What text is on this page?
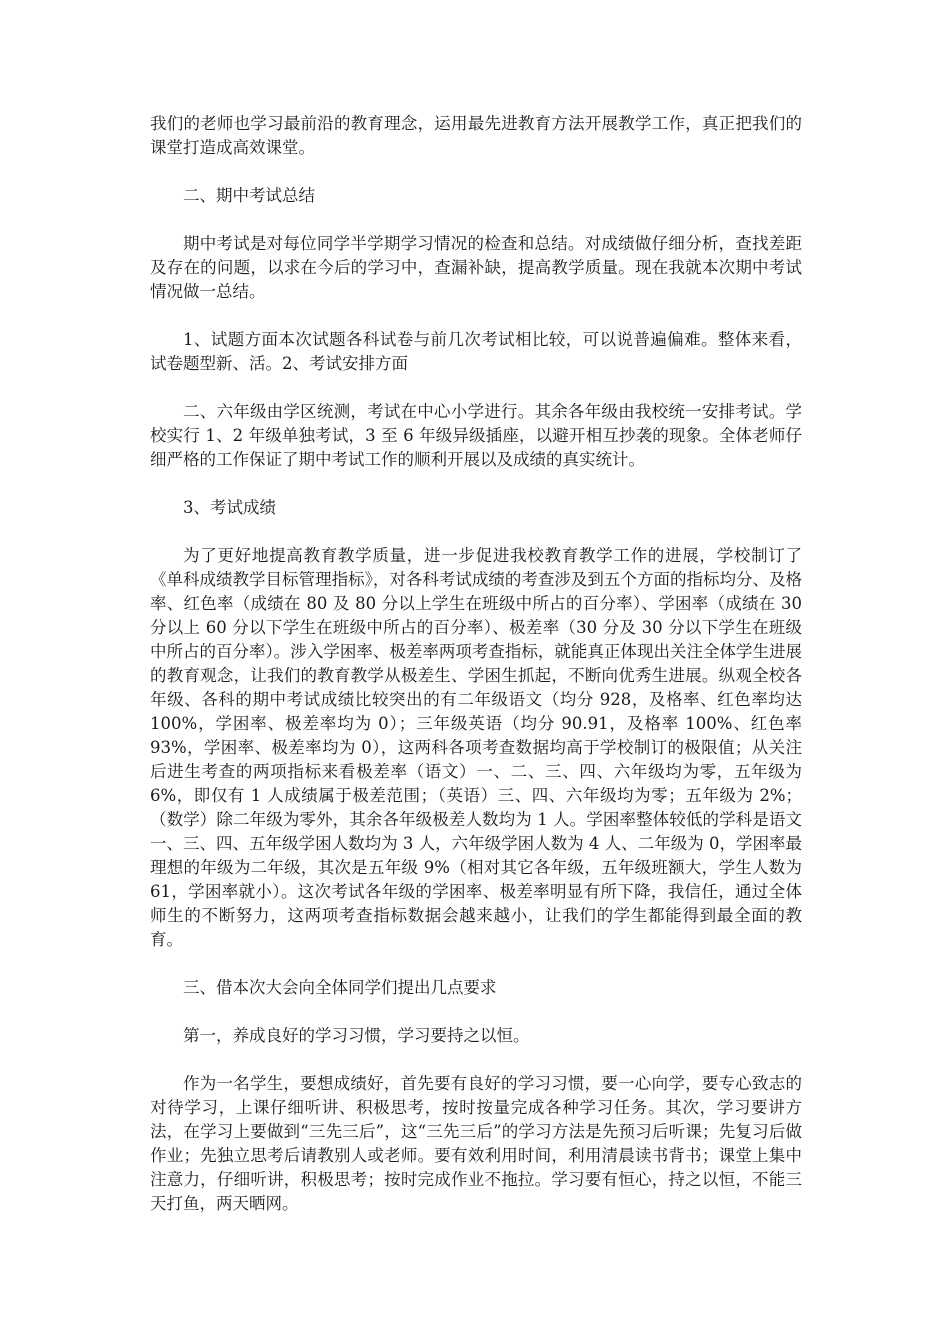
我们的老师也学习最前沿的教育理念，运用最先进教育方法开展教学工作，真正把我们的课堂打造成高效课堂。

二、期中考试总结

期中考试是对每位同学半学期学习情况的检查和总结。对成绩做仔细分析，查找差距及存在的问题，以求在今后的学习中，查漏补缺，提高教学质量。现在我就本次期中考试情况做一总结。

1、试题方面本次试题各科试卷与前几次考试相比较，可以说普遍偏难。整体来看，试卷题型新、活。2、考试安排方面

二、六年级由学区统测，考试在中心小学进行。其余各年级由我校统一安排考试。学校实行 1、2 年级单独考试，3 至 6 年级异级插座，以避开相互抄袭的现象。全体老师仔细严格的工作保证了期中考试工作的顺利开展以及成绩的真实统计。

3、考试成绩

为了更好地提高教育教学质量，进一步促进我校教育教学工作的进展，学校制订了《单科成绩教学目标管理指标》，对各科考试成绩的考查涉及到五个方面的指标均分、及格率、红色率（成绩在 80 及 80 分以上学生在班级中所占的百分率）、学困率（成绩在 30 分以上 60 分以下学生在班级中所占的百分率）、极差率（30 分及 30 分以下学生在班级中所占的百分率）。涉入学困率、极差率两项考查指标，就能真正体现出关注全体学生进展的教育观念，让我们的教育教学从极差生、学困生抓起，不断向优秀生进展。纵观全校各年级、各科的期中考试成绩比较突出的有二年级语文（均分 928，及格率、红色率均达 100%，学困率、极差率均为 0）；三年级英语（均分 90.91，及格率 100%、红色率 93%，学困率、极差率均为 0），这两科各项考查数据均高于学校制订的极限值；从关注后进生考查的两项指标来看极差率（语文）一、二、三、四、六年级均为零，五年级为 6%，即仅有 1 人成绩属于极差范围；（英语）三、四、六年级均为零；五年级为 2%；（数学）除二年级为零外，其余各年级极差人数均为 1 人。学困率整体较低的学科是语文一、三、四、五年级学困人数均为 3 人，六年级学困人数为 4 人、二年级为 0，学困率最理想的年级为二年级，其次是五年级 9%（相对其它各年级，五年级班额大，学生人数为 61，学困率就小）。这次考试各年级的学困率、极差率明显有所下降，我信任，通过全体师生的不断努力，这两项考查指标数据会越来越小，让我们的学生都能得到最全面的教育。

三、借本次大会向全体同学们提出几点要求

第一，养成良好的学习习惯，学习要持之以恒。

作为一名学生，要想成绩好，首先要有良好的学习习惯，要一心向学，要专心致志的对待学习，上课仔细听讲、积极思考，按时按量完成各种学习任务。其次，学习要讲方法，在学习上要做到“三先三后”，这“三先三后”的学习方法是先预习后听课；先复习后做作业；先独立思考后请教别人或老师。要有效利用时间，利用清晨读书背书；课堂上集中注意力，仔细听讲，积极思考；按时完成作业不拖拉。学习要有恒心，持之以恒，不能三天打鱼，两天晒网。
